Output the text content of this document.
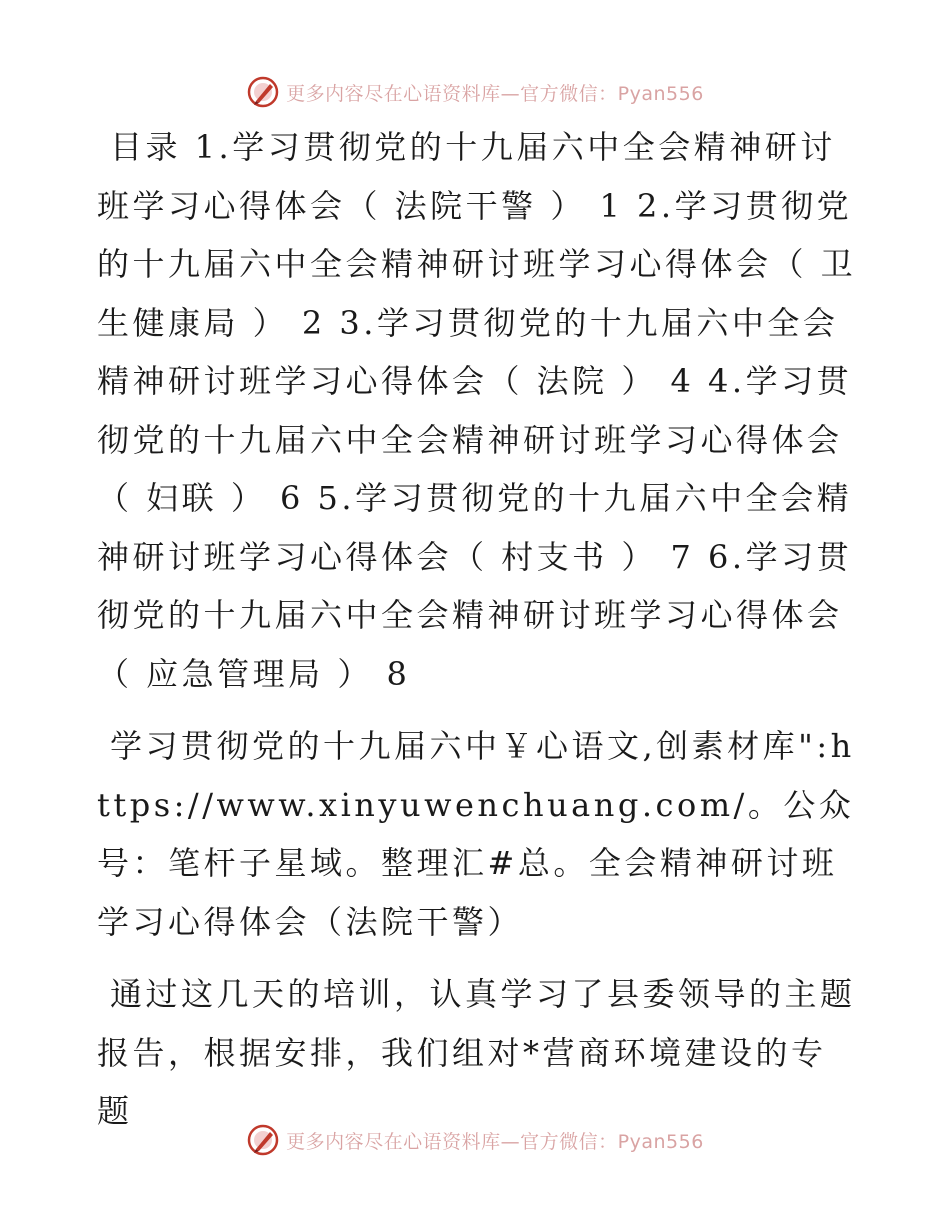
更多内容尽在心语资料库—官方微信：Pyan556

目录 1.学习贯彻党的十九届六中全会精神研讨班学习心得体会（ 法院干警 ） 1 2.学习贯彻党的十九届六中全会精神研讨班学习心得体会（ 卫生健康局 ） 2 3.学习贯彻党的十九届六中全会精神研讨班学习心得体会（ 法院 ） 4 4.学习贯彻党的十九届六中全会精神研讨班学习心得体会（ 妇联 ） 6 5.学习贯彻党的十九届六中全会精神研讨班学习心得体会（ 村支书 ） 7 6.学习贯彻党的十九届六中全会精神研讨班学习心得体会（ 应急管理局 ） 8

学习贯彻党的十九届六中￥心语文,创素材库":https://www.xinyuwenchuang.com/。公众号：笔杆子星域。整理汇#总。全会精神研讨班学习心得体会（法院干警）

通过这几天的培训，认真学习了县委领导的主题报告，根据安排，我们组对*营商环境建设的专题

更多内容尽在心语资料库—官方微信：Pyan556
